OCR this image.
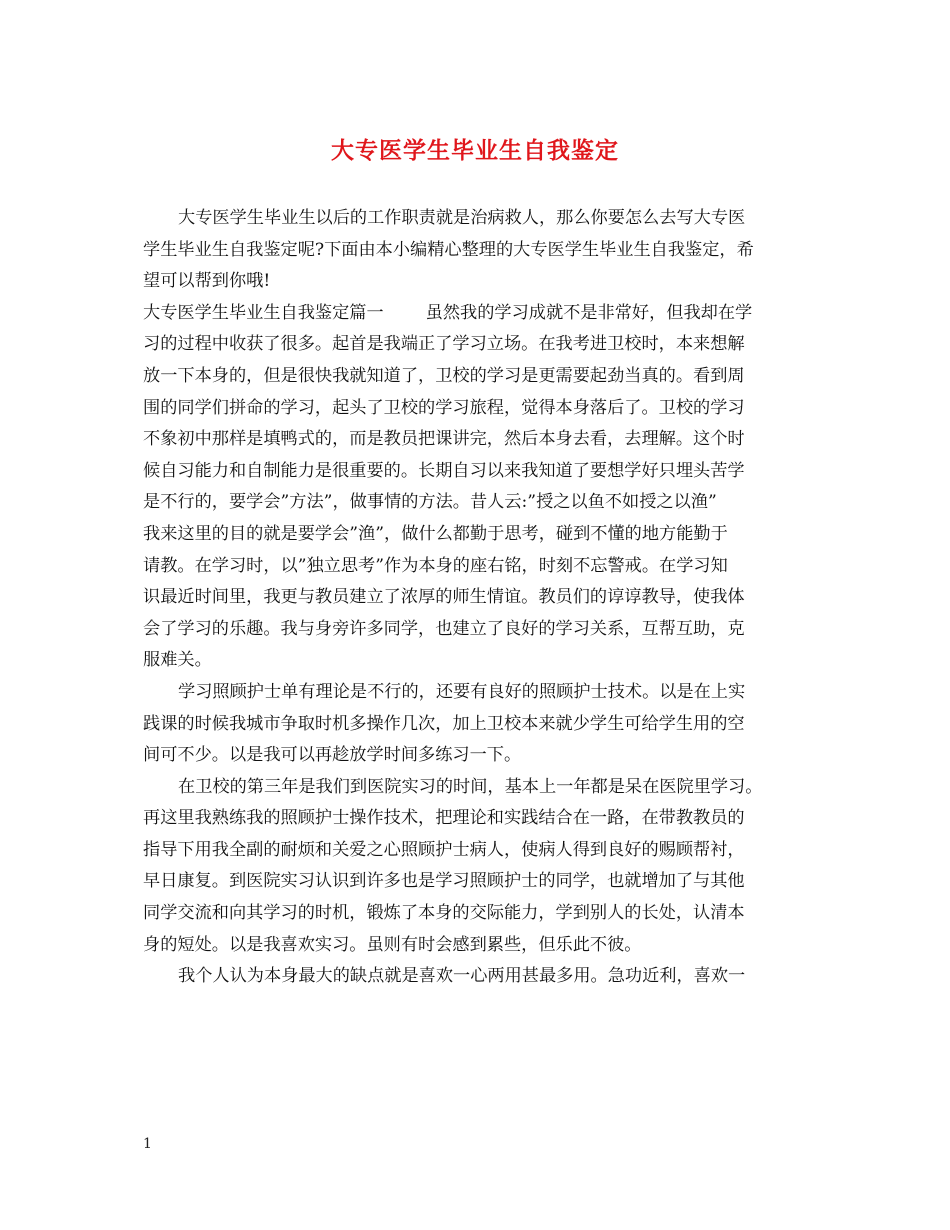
大专医学生毕业生自我鉴定
大专医学生毕业生以后的工作职责就是治病救人，那么你要怎么去写大专医
学生毕业生自我鉴定呢?下面由本小编精心整理的大专医学生毕业生自我鉴定，希
望可以帮到你哦!
大专医学生毕业生自我鉴定篇一 虽然我的学习成就不是非常好，但我却在学
习的过程中收获了很多。起首是我端正了学习立场。在我考进卫校时，本来想解
放一下本身的，但是很快我就知道了，卫校的学习是更需要起劲当真的。看到周
围的同学们拼命的学习，起头了卫校的学习旅程，觉得本身落后了。卫校的学习
不象初中那样是填鸭式的，而是教员把课讲完，然后本身去看，去理解。这个时
候自习能力和自制能力是很重要的。长期自习以来我知道了要想学好只埋头苦学
是不行的，要学会”方法”，做事情的方法。昔人云:”授之以鱼不如授之以渔”
我来这里的目的就是要学会”渔”，做什么都勤于思考，碰到不懂的地方能勤于
请教。在学习时，以”独立思考”作为本身的座右铭，时刻不忘警戒。在学习知
识最近时间里，我更与教员建立了浓厚的师生情谊。教员们的谆谆教导，使我体
会了学习的乐趣。我与身旁许多同学，也建立了良好的学习关系，互帮互助，克
服难关。
学习照顾护士单有理论是不行的，还要有良好的照顾护士技术。以是在上实
践课的时候我城市争取时机多操作几次，加上卫校本来就少学生可给学生用的空
间可不少。以是我可以再趁放学时间多练习一下。
在卫校的第三年是我们到医院实习的时间，基本上一年都是呆在医院里学习。
再这里我熟练我的照顾护士操作技术，把理论和实践结合在一路，在带教教员的
指导下用我全副的耐烦和关爱之心照顾护士病人，使病人得到良好的赐顾帮衬，
早日康复。到医院实习认识到许多也是学习照顾护士的同学，也就增加了与其他
同学交流和向其学习的时机，锻炼了本身的交际能力，学到别人的长处，认清本
身的短处。以是我喜欢实习。虽则有时会感到累些，但乐此不彼。
我个人认为本身最大的缺点就是喜欢一心两用甚最多用。急功近利，喜欢一
1
